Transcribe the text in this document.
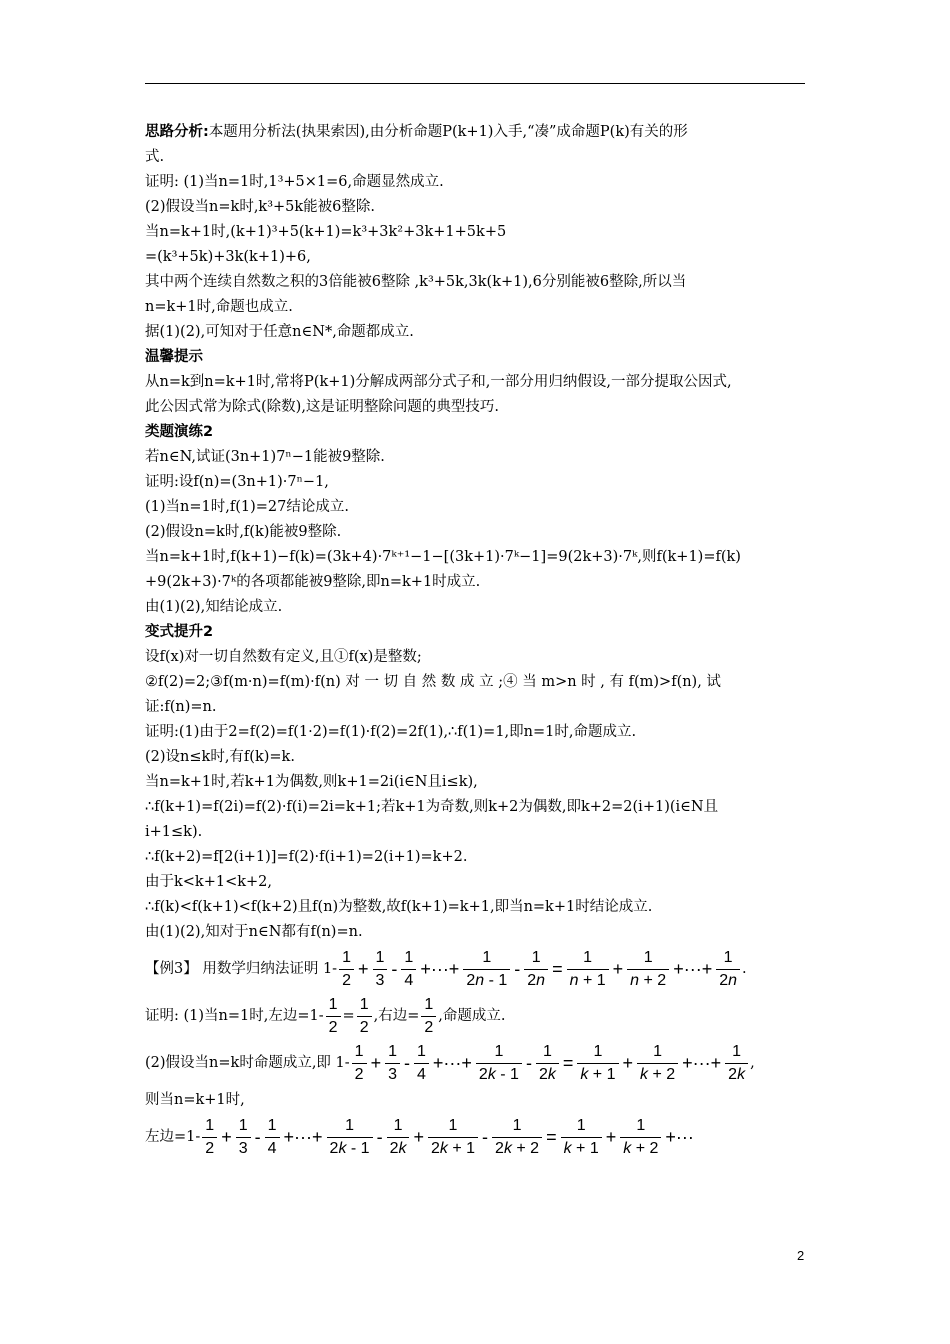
思路分析:本题用分析法(执果索因),由分析命题P(k+1)入手,“凑”成命题P(k)有关的形

式.

证明: (1)当n=1时,1³+5×1=6,命题显然成立.

(2)假设当n=k时,k³+5k能被6整除.

当n=k+1时,(k+1)³+5(k+1)=k³+3k²+3k+1+5k+5

=(k³+5k)+3k(k+1)+6,

其中两个连续自然数之积的3倍能被6整除 ,k³+5k,3k(k+1),6分别能被6整除,所以当

n=k+1时,命题也成立.

据(1)(2),可知对于任意n∈N*,命题都成立.

温馨提示

从n=k到n=k+1时,常将P(k+1)分解成两部分式子和,一部分用归纳假设,一部分提取公因式,

此公因式常为除式(除数),这是证明整除问题的典型技巧.

类题演练2

若n∈N,试证(3n+1)7ⁿ−1能被9整除.

证明:设f(n)=(3n+1)·7ⁿ−1,

(1)当n=1时,f(1)=27结论成立.

(2)假设n=k时,f(k)能被9整除.

当n=k+1时,f(k+1)−f(k)=(3k+4)·7ᵏ⁺¹−1−[(3k+1)·7ᵏ−1]=9(2k+3)·7ᵏ,则f(k+1)=f(k)

+9(2k+3)·7ᵏ的各项都能被9整除,即n=k+1时成立.

由(1)(2),知结论成立.

变式提升2

设f(x)对一切自然数有定义,且①f(x)是整数;

②f(2)=2;③f(m·n)=f(m)·f(n) 对 一 切 自 然 数 成 立 ;④ 当 m>n 时 , 有 f(m)>f(n), 试

证:f(n)=n.

证明:(1)由于2=f(2)=f(1·2)=f(1)·f(2)=2f(1),∴f(1)=1,即n=1时,命题成立.

(2)设n≤k时,有f(k)=k.

当n=k+1时,若k+1为偶数,则k+1=2i(i∈N且i≤k),

∴f(k+1)=f(2i)=f(2)·f(i)=2i=k+1;若k+1为奇数,则k+2为偶数,即k+2=2(i+1)(i∈N且

i+1≤k).

∴f(k+2)=f[2(i+1)]=f(2)·f(i+1)=2(i+1)=k+2.

由于k<k+1<k+2,

∴f(k)<f(k+1)<f(k+2)且f(n)为整数,故f(k+1)=k+1,即当n=k+1时结论成立.

由(1)(2),知对于n∈N都有f(n)=n.

【例3】 用数学归纳法证明 $1- \frac{1}{2} + \frac{1}{3} - \frac{1}{4}$ +···+ $\frac{1}{2n - 1} - \frac{1}{2n} = \frac{1}{n + 1} + \frac{1}{n + 2}$ +···+ $\frac{1}{2n}$ .
证明: (1)当n=1时,左边$=1- \frac{1}{2} = \frac{1}{2}$ ,右边= $\frac{1}{2}$ ,命题成立.
(2)假设当n=k时命题成立,即 $1- \frac{1}{2} + \frac{1}{3} - \frac{1}{4}$ +···+ $\frac{1}{2k - 1} - \frac{1}{2k} = \frac{1}{k + 1} + \frac{1}{k + 2}$ +···+ $\frac{1}{2k}$ ,

则当n=k+1时,

左边$=1- \frac{1}{2} + \frac{1}{3} - \frac{1}{4}$ +···+ $\frac{1}{2k - 1} - \frac{1}{2k} + \frac{1}{2k + 1} - \frac{1}{2k + 2} = \frac{1}{k + 1} + \frac{1}{k + 2}$ +···
2
